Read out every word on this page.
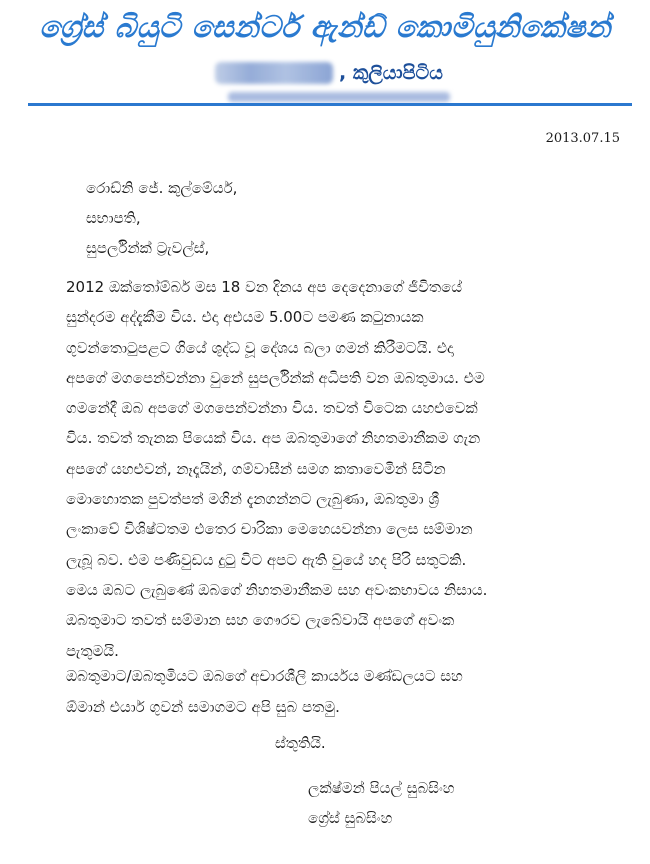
ග්‍රේස් බියුටි සෙන්ටර් ඇන්ඩ් කොමියුනිකේෂන්
, කුලියාපිටිය
2013.07.15
රොඩ්නි ජේ. කුල්මේයර්,
සභාපති,
සුපර්ලින්ක් ට්‍රැවල්ස්,
2012 ඔක්තෝම්බර් මස 18 වන දිනය අප දෙදෙනාගේ ජීවිතයේ
සුන්දරම අද්දැකීම විය. එදා අළුයම 5.00ට පමණ කටුනායක
ගුවන්තොටුපළට ගියේ ශුද්ධ වූ දේශය බලා ගමන් කිරීමටයි. එදා
අපගේ මගපෙන්වන්නා වුනේ සුපර්ලින්ක් අධිපති වන ඔබතුමාය. එම
ගමනේදී ඔබ අපගේ මගපෙන්වන්නා විය. තවත් විටෙක යහළුවෙක්
විය. තවත් තැනක පියෙක් විය. අප ඔබතුමාගේ නිහතමානීකම ගැන
අපගේ යහළුවන්, නෑදෑයින්, ගම්වාසීන් සමග කතාවෙමින් සිටින
මොහොතක පුවත්පත් මගින් දැනගන්නට ලැබුණා, ඔබතුමා ශ්‍රී
ලංකාවේ විශිෂ්ටතම එතෙර චාරිකා මෙහෙයවන්නා ලෙස සම්මාන
ලැබූ බව. එම පණිවුඩය දුටු විට අපට ඇති වුයේ හද පිරි සතුටකි.
මෙය ඔබට ලැබුණේ ඔබගේ නිහතමානීකම සහ අවංකභාවය නිසාය.
ඔබතුමාට තවත් සම්මාන සහ ගෞරව ලැබේවායි අපගේ අවංක
පැතුමයි.
ඔබතුමාට/ඔබතුමියට ඔබගේ අචාරශීලි කාර්යය මණ්ඩලයට සහ
ඕමාන් එයාර් ගුවන් සමාගමට අපි සුබ පතමු.
ස්තුතියි.
ලක්ෂ්මන් පියල් සුබසිංහ
ග්‍රේස් සුබසිංහ
